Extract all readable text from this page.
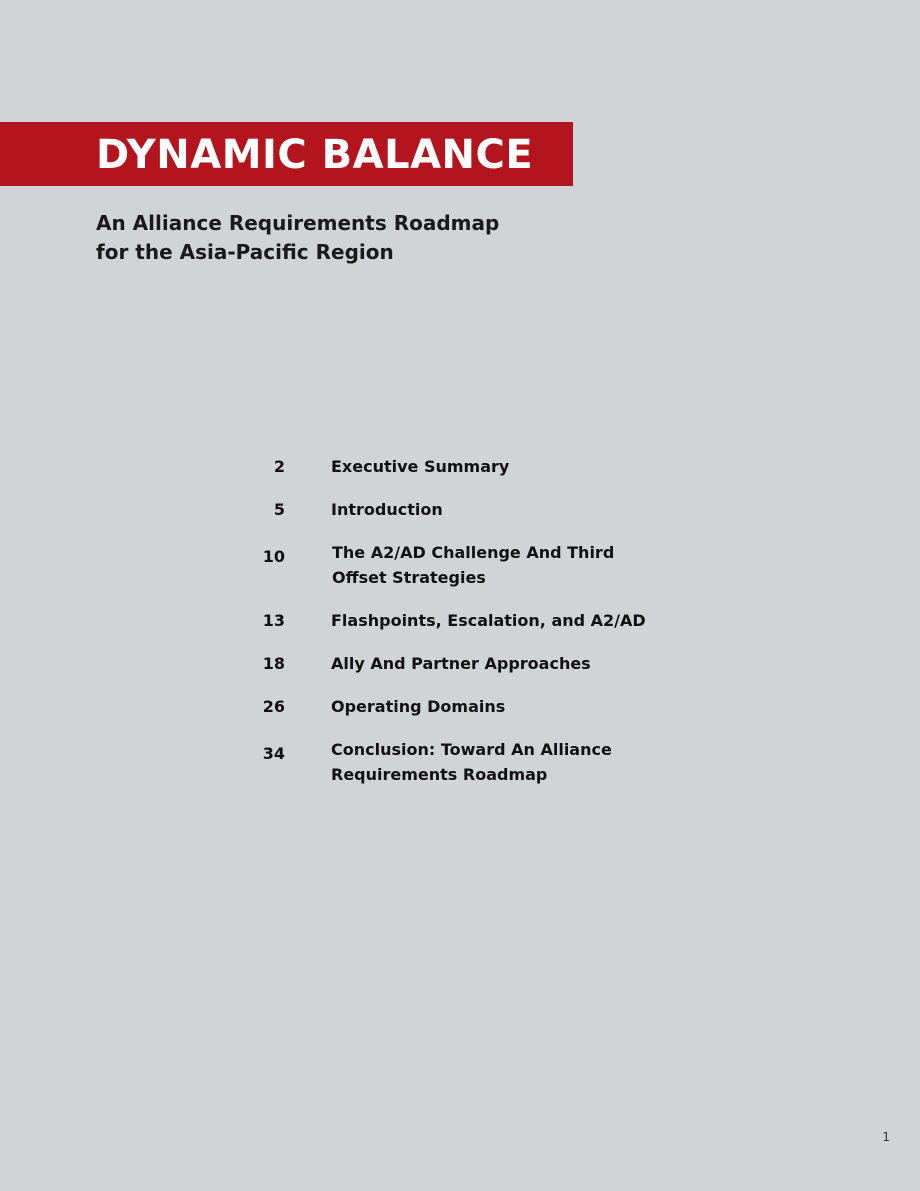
DYNAMIC BALANCE
An Alliance Requirements Roadmap
for the Asia-Pacific Region
2	Executive Summary
5	Introduction
10	The A2/AD Challenge And Third
Offset Strategies
13	Flashpoints, Escalation, and A2/AD
18	Ally And Partner Approaches
26	Operating Domains
34	Conclusion: Toward An Alliance
Requirements Roadmap
1
